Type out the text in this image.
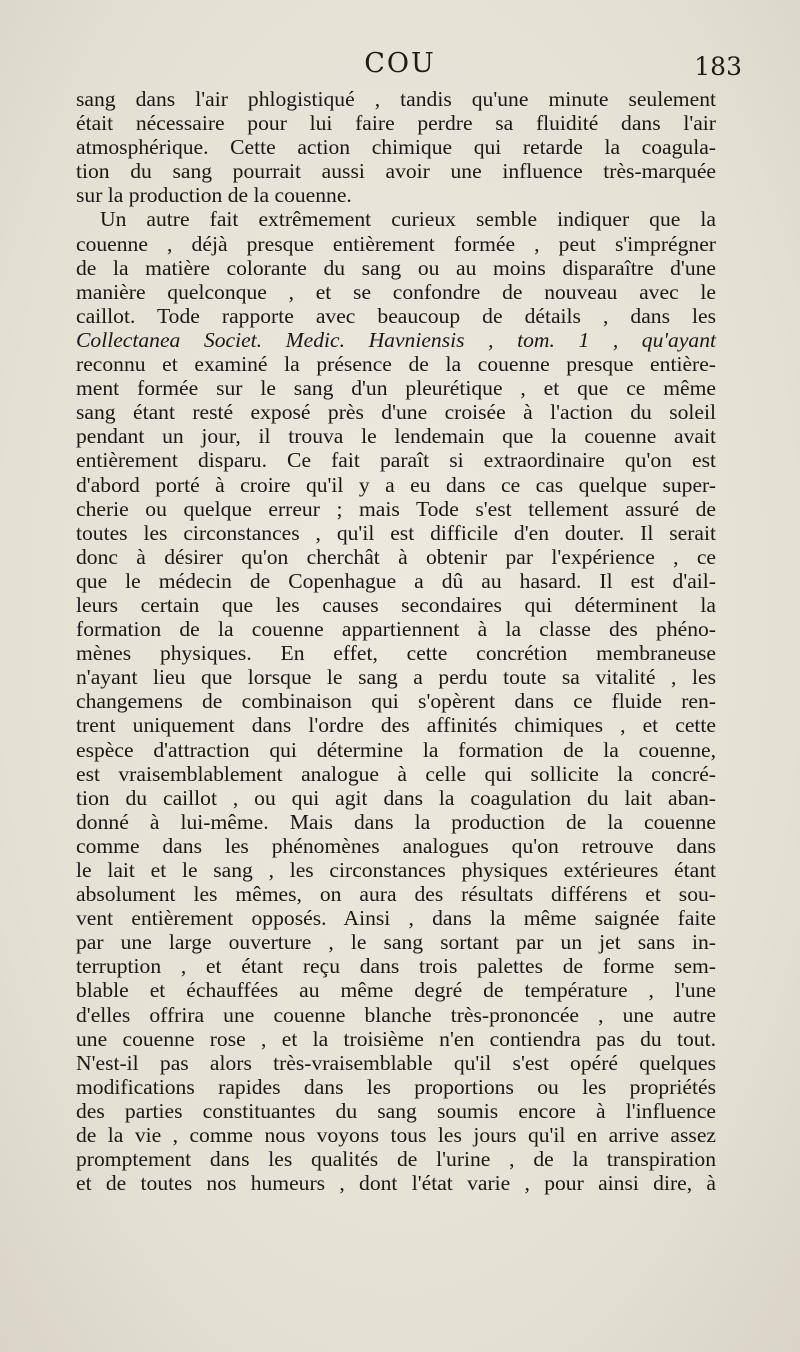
COU	183
sang dans l'air phlogistiqué , tandis qu'une minute seulement
était nécessaire pour lui faire perdre sa fluidité dans l'air
atmosphérique. Cette action chimique qui retarde la coagula-
tion du sang pourrait aussi avoir une influence très-marquée
sur la production de la couenne.
Un autre fait extrêmement curieux semble indiquer que la
couenne , déjà presque entièrement formée , peut s'imprégner
de la matière colorante du sang ou au moins disparaître d'une
manière quelconque , et se confondre de nouveau avec le
caillot. Tode rapporte avec beaucoup de détails , dans les
Collectanea Societ. Medic. Havniensis , tom. 1 , qu'ayant
reconnu et examiné la présence de la couenne presque entière-
ment formée sur le sang d'un pleurétique , et que ce même
sang étant resté exposé près d'une croisée à l'action du soleil
pendant un jour, il trouva le lendemain que la couenne avait
entièrement disparu. Ce fait paraît si extraordinaire qu'on est
d'abord porté à croire qu'il y a eu dans ce cas quelque super-
cherie ou quelque erreur ; mais Tode s'est tellement assuré de
toutes les circonstances , qu'il est difficile d'en douter. Il serait
donc à désirer qu'on cherchât à obtenir par l'expérience , ce
que le médecin de Copenhague a dû au hasard. Il est d'ail-
leurs certain que les causes secondaires qui déterminent la
formation de la couenne appartiennent à la classe des phéno-
mènes physiques. En effet, cette concrétion membraneuse
n'ayant lieu que lorsque le sang a perdu toute sa vitalité , les
changemens de combinaison qui s'opèrent dans ce fluide ren-
trent uniquement dans l'ordre des affinités chimiques , et cette
espèce d'attraction qui détermine la formation de la couenne,
est vraisemblablement analogue à celle qui sollicite la concré-
tion du caillot , ou qui agit dans la coagulation du lait aban-
donné à lui-même. Mais dans la production de la couenne
comme dans les phénomènes analogues qu'on retrouve dans
le lait et le sang , les circonstances physiques extérieures étant
absolument les mêmes, on aura des résultats différens et sou-
vent entièrement opposés. Ainsi , dans la même saignée faite
par une large ouverture , le sang sortant par un jet sans in-
terruption , et étant reçu dans trois palettes de forme sem-
blable et échauffées au même degré de température , l'une
d'elles offrira une couenne blanche très-prononcée , une autre
une couenne rose , et la troisième n'en contiendra pas du tout.
N'est-il pas alors très-vraisemblable qu'il s'est opéré quelques
modifications rapides dans les proportions ou les propriétés
des parties constituantes du sang soumis encore à l'influence
de la vie , comme nous voyons tous les jours qu'il en arrive assez
promptement dans les qualités de l'urine , de la transpiration
et de toutes nos humeurs , dont l'état varie , pour ainsi dire, à
